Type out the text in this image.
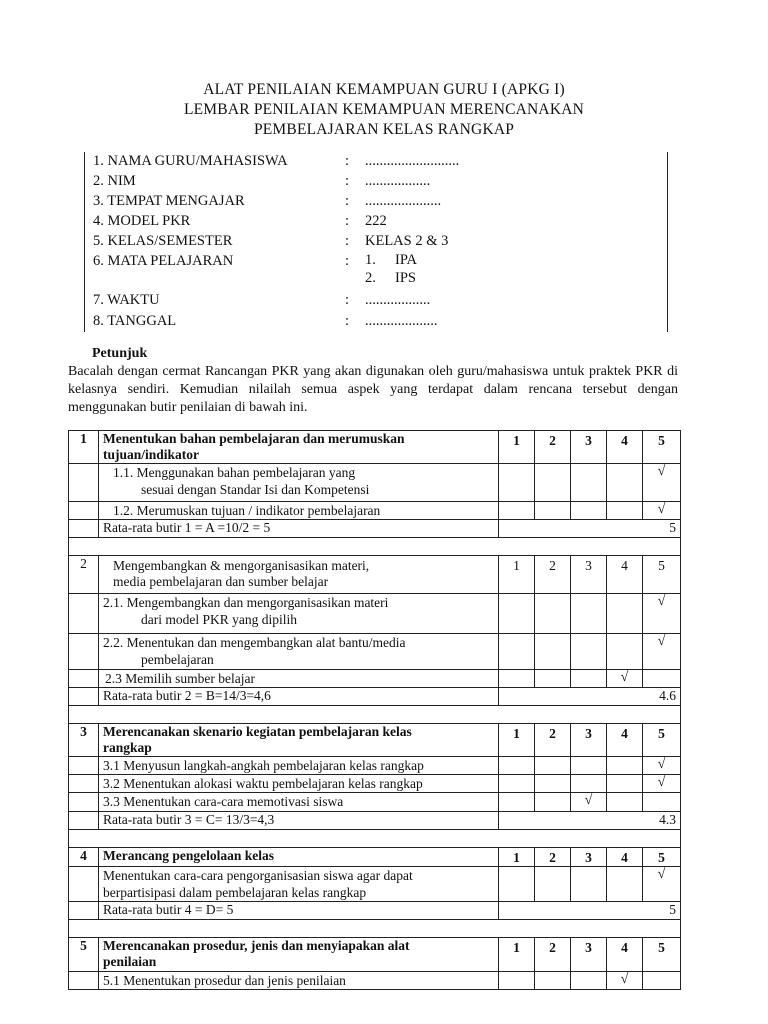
ALAT PENILAIAN KEMAMPUAN GURU I (APKG I)
LEMBAR PENILAIAN KEMAMPUAN MERENCANAKAN
PEMBELAJARAN KELAS RANGKAP
1. NAMA GURU/MAHASISWA	: ..........................
2. NIM	: ..................
3. TEMPAT MENGAJAR	: .....................
4. MODEL PKR	: 222
5. KELAS/SEMESTER	: KELAS 2 & 3
6. MATA PELAJARAN	: 1. IPA
2. IPS
7. WAKTU	: ..................
8. TANGGAL	: ....................
Petunjuk
Bacalah dengan cermat Rancangan PKR yang akan digunakan oleh guru/mahasiswa untuk praktek PKR di kelasnya sendiri. Kemudian nilailah semua aspek yang terdapat dalam rencana tersebut dengan menggunakan butir penilaian di bawah ini.
1	Menentukan bahan pembelajaran dan merumuskan
tujuan/indikator	1	2	3	4	5

	1.1. Menggunakan bahan pembelajaran yang
sesuai dengan Standar Isi dan Kompetensi					√

	1.2. Merumuskan tujuan / indikator pembelajaran					√
	Rata-rata butir 1 = A =10/2 = 5	5				

2	Mengembangkan & mengorganisasikan materi,
media pembelajaran dan sumber belajar	1	2	3	4	5

	2.1. Mengembangkan dan mengorganisasikan materi
dari model PKR yang dipilih					√

	2.2. Menentukan dan mengembangkan alat bantu/media
pembelajaran					√

	2.3 Memilih sumber belajar				√	
	Rata-rata butir 2 = B=14/3=4,6	4.6				

3	Merencanakan skenario kegiatan pembelajaran kelas
rangkap	1	2	3	4	5

	3.1 Menyusun langkah-angkah pembelajaran kelas rangkap					√

	3.2 Menentukan alokasi waktu pembelajaran kelas rangkap					√

	3.3 Menentukan cara-cara memotivasi siswa			√		
	Rata-rata butir 3 = C= 13/3=4,3	4.3				

4	Merancang pengelolaan kelas	1	2	3	4	5

	Menentukan cara-cara pengorganisasian siswa agar dapat
berpartisipasi dalam pembelajaran kelas rangkap					√
	Rata-rata butir 4 = D= 5	5				

5	Merencanakan prosedur, jenis dan menyiapakan alat
penilaian	1	2	3	4	5

	5.1 Menentukan prosedur dan jenis penilaian				√	
